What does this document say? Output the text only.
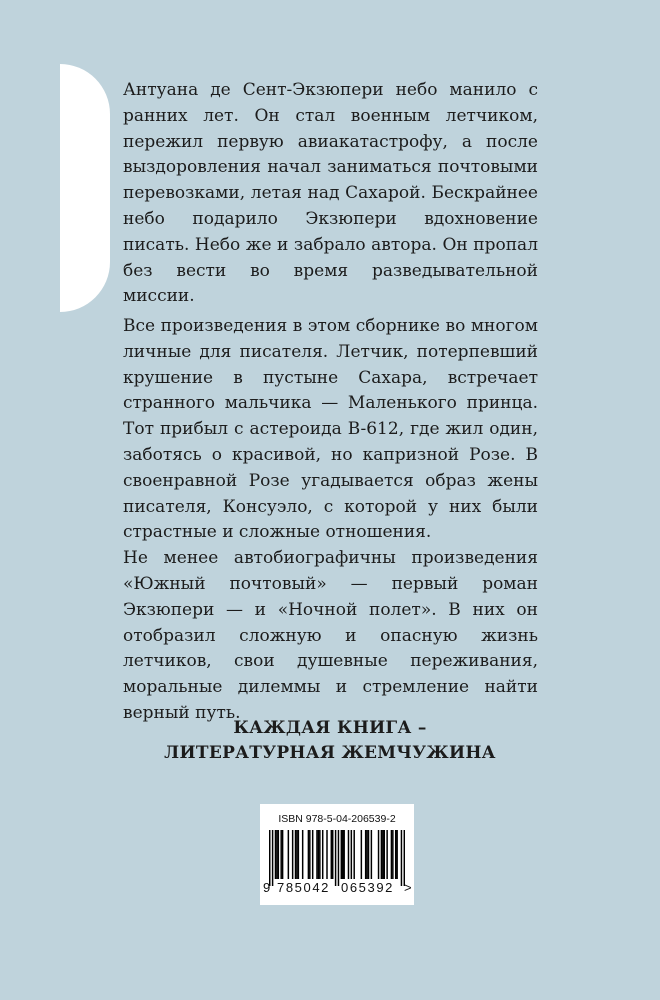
Антуана де Сент-Экзюпери небо манило с ранних лет. Он стал военным летчиком, пережил первую авиакатастрофу, а после выздоровления начал заниматься почтовыми перевозками, летая над Сахарой. Бескрайнее небо подарило Экзюпери вдохновение писать. Небо же и забрало автора. Он пропал без вести во время разведывательной миссии.

Все произведения в этом сборнике во многом личные для писателя. Летчик, потерпевший крушение в пустыне Сахара, встречает странного мальчика — Маленького принца. Тот прибыл с астероида B-612, где жил один, заботясь о красивой, но капризной Розе. В своенравной Розе угадывается образ жены писателя, Консуэло, с которой у них были страстные и сложные отношения.

Не менее автобиографичны произведения «Южный почтовый» — первый роман Экзюпери — и «Ночной полет». В них он отобразил сложную и опасную жизнь летчиков, свои душевные переживания, моральные дилеммы и стремление найти верный путь.

КАЖДАЯ КНИГА –
ЛИТЕРАТУРНАЯ ЖЕМЧУЖИНА
ISBN 978-5-04-206539-2
9 785042 065392 >
